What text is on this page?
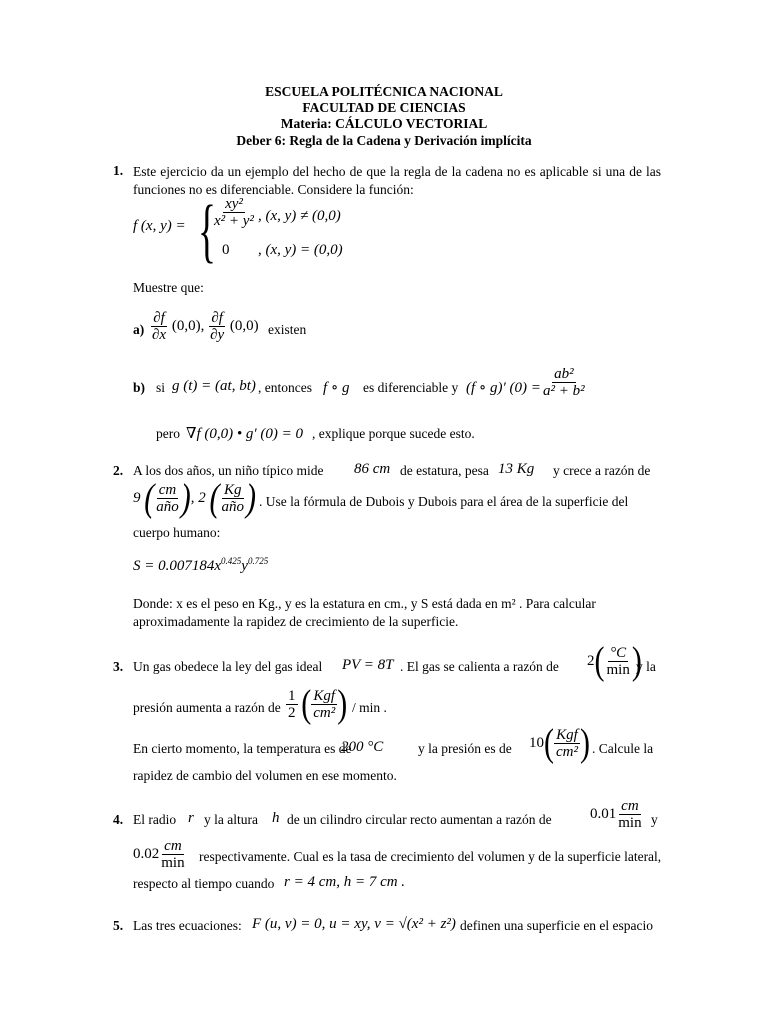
ESCUELA POLITÉCNICA NACIONAL
FACULTAD DE CIENCIAS
Materia: CÁLCULO VECTORIAL
Deber 6: Regla de la Cadena y Derivación implícita
1. Este ejercicio da un ejemplo del hecho de que la regla de la cadena no es aplicable si una de las funciones no es diferenciable. Considere la función:
f (x, y) = {
$\frac{\text{xy²}}{\text{x² + y²}}$ , (x, y) ≠ (0,0)
0 , (x, y) = (0,0)
Muestre que:
$a) \frac{\partial f}{\partial x} (0,0)$, $\frac{\partial f}{\partial y} (0,0)$ existen
b) si g (t) = (at, bt) , entonces f ∘ g es diferenciable y (f ∘ g)′ $(0) = \frac{\text{ab²}}{\text{a² + b²}}$
pero ∇f (0,0) • g′ (0) = 0 , explique porque sucede esto.
2. A los dos años, un niño típico mide 86 cm de estatura, pesa 13 Kg y crece a razón de
9 ( $\frac{cm}{\text{año}}$ ), 2 ( $\frac{Kg}{\text{año}}$ ) . Use la fórmula de Dubois y Dubois para el área de la superficie del
cuerpo humano:
$S = 0.007184x^{0.425}y^{0.725}$
Donde: x es el peso en Kg., y es la estatura en cm., y S está dada en m² . Para calcular
aproximadamente la rapidez de crecimiento de la superficie.
3. Un gas obedece la ley del gas ideal PV = 8T . El gas se calienta a razón de $2( \frac{^\circ C}{\min}$ )
y la
presión aumenta a razón de $\frac{1}{2}$ ( $\frac{\text{Kgf}}{\text{cm²}}$ ) / min .
En cierto momento, la temperatura es de
200 °C	y la presión es de $10( \frac{\text{Kgf}}{\text{cm²}}$ ) . Calcule la
rapidez de cambio del volumen en ese momento.
4. El radio r y la altura h de un cilindro circular recto aumentan a razón de	$0.01 \frac{cm}{\min}$ y
$0.02 \frac{cm}{\min}$ respectivamente. Cual es la tasa de crecimiento del volumen y de la superficie lateral,
respecto al tiempo cuando r = 4 cm, h = 7 cm .
5. Las tres ecuaciones: F (u, v) = 0, u = xy, v = √(x² + z²) definen una superficie en el espacio
